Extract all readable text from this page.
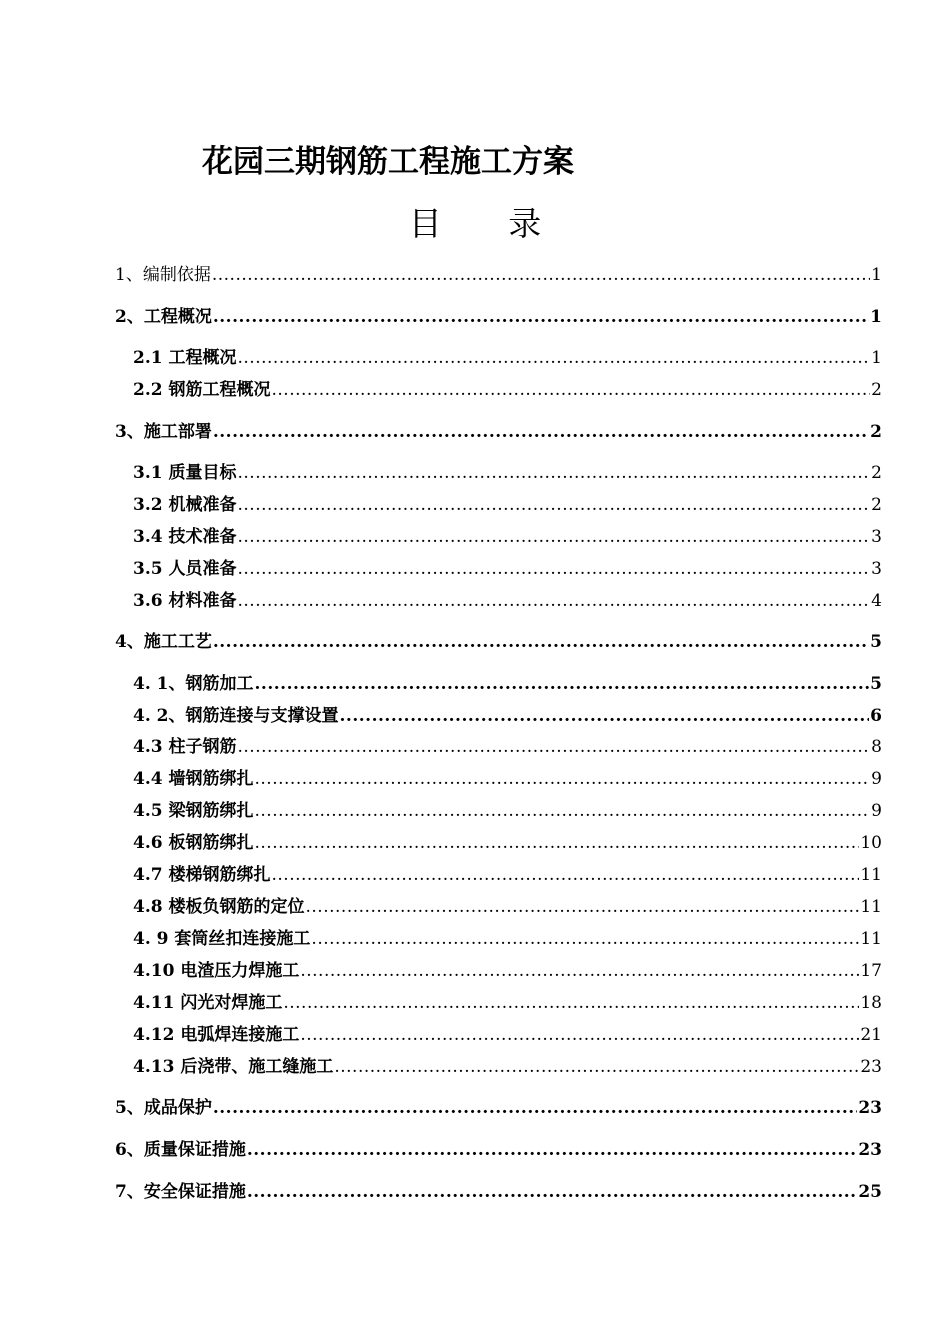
花园三期钢筋工程施工方案
目 录
1、编制依据 .....	1
2、工程概况 .....	1
2.1 工程概况 .....	1
2.2 钢筋工程概况 .....	2
3、施工部署 .....	2
3.1 质量目标 .....	2
3.2 机械准备 .....	2
3.4 技术准备 .....	3
3.5 人员准备 .....	3
3.6 材料准备 .....	4
4、施工工艺 .....	5
4. 1、钢筋加工 .....	5
4. 2、钢筋连接与支撑设置 .....	6
4.3 柱子钢筋 .....	8
4.4 墙钢筋绑扎 .....	9
4.5 梁钢筋绑扎 .....	9
4.6 板钢筋绑扎 .....	10
4.7 楼梯钢筋绑扎 .....	11
4.8 楼板负钢筋的定位 .....	11
4. 9 套筒丝扣连接施工 .....	11
4.10 电渣压力焊施工 .....	17
4.11 闪光对焊施工 .....	18
4.12 电弧焊连接施工 .....	21
4.13 后浇带、施工缝施工 .....	23
5、成品保护 .....	23
6、质量保证措施 .....	23
7、安全保证措施 .....	25
